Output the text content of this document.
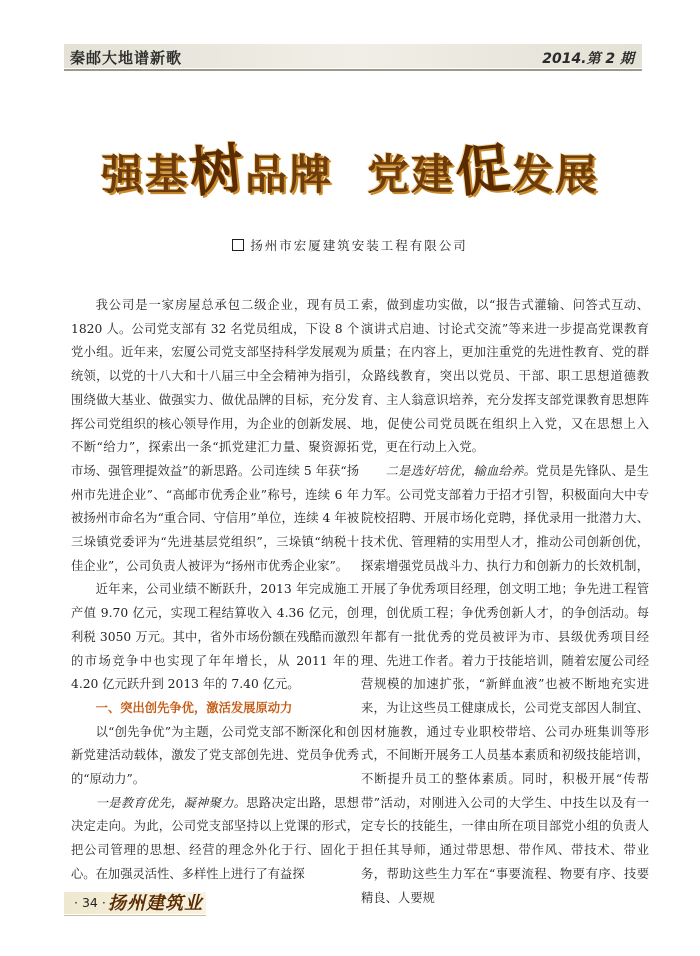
秦邮大地谱新歌	2014.第 2 期
强基树品牌 党建促发展
扬州市宏厦建筑安装工程有限公司

我公司是一家房屋总承包二级企业，现有员工 1820 人。公司党支部有 32 名党员组成，下设 8 个党小组。近年来，宏厦公司党支部坚持科学发展观为统领，以党的十八大和十八届三中全会精神为指引，围绕做大基业、做强实力、做优品牌的目标，充分发挥公司党组织的核心领导作用，为企业的创新发展、不断“给力”，探索出一条“抓党建汇力量、聚资源拓市场、强管理提效益”的新思路。公司连续 5 年获“扬州市先进企业”、“高邮市优秀企业”称号，连续 6 年被扬州市命名为“重合同、守信用”单位，连续 4 年被三垛镇党委评为“先进基层党组织”，三垛镇“纳税十佳企业”，公司负责人被评为“扬州市优秀企业家”。

近年来，公司业绩不断跃升，2013 年完成施工产值 9.70 亿元，实现工程结算收入 4.36 亿元，创利税 3050 万元。其中，省外市场份额在残酷而激烈的市场竞争中也实现了年年增长，从 2011 年的 4.20 亿元跃升到 2013 年的 7.40 亿元。

一、突出创先争优，激活发展原动力

以“创先争优”为主题，公司党支部不断深化和创新党建活动载体，激发了党支部创先进、党员争优秀的“原动力”。

一是教育优先，凝神聚力。思路决定出路，思想决定走向。为此，公司党支部坚持以上党课的形式，把公司管理的思想、经营的理念外化于行、固化于心。在加强灵活性、多样性上进行了有益探

索，做到虚功实做，以“报告式灌输、问答式互动、演讲式启迪、讨论式交流”等来进一步提高党课教育质量；在内容上，更加注重党的先进性教育、党的群众路线教育，突出以党员、干部、职工思想道德教育、主人翁意识培养，充分发挥支部党课教育思想阵地，促使公司党员既在组织上入党，又在思想上入党，更在行动上入党。

二是选好培优，输血给养。党员是先锋队、是生力军。公司党支部着力于招才引智，积极面向大中专院校招聘、开展市场化竞聘，择优录用一批潜力大、技术优、管理精的实用型人才，推动公司创新创优，探索增强党员战斗力、执行力和创新力的长效机制，开展了争优秀项目经理，创文明工地；争先进工程管理，创优质工程；争优秀创新人才，的争创活动。每年都有一批优秀的党员被评为市、县级优秀项目经理、先进工作者。着力于技能培训，随着宏厦公司经营规模的加速扩张，“新鲜血液”也被不断地充实进来，为让这些员工健康成长，公司党支部因人制宜、因材施教，通过专业职校带培、公司办班集训等形式，不间断开展务工人员基本素质和初级技能培训，不断提升员工的整体素质。同时，积极开展“传帮带”活动，对刚进入公司的大学生、中技生以及有一定专长的技能生，一律由所在项目部党小组的负责人担任其导师，通过带思想、带作风、带技术、带业务，帮助这些生力军在“事要流程、物要有序、技要精良、人要规

· 34 · 扬州建筑业
